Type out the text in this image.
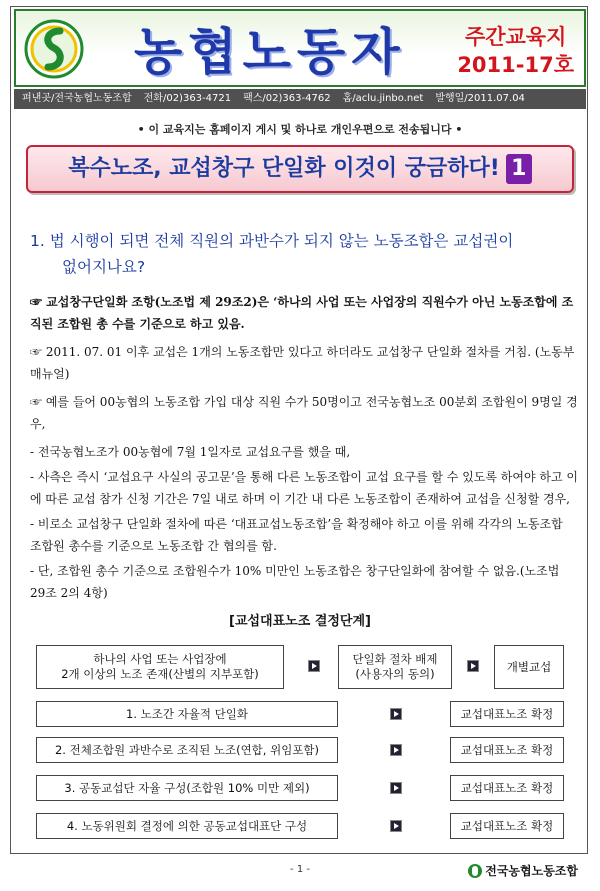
농협노동자	주간교육지
2011-17호
펴낸곳/전국농협노동조합 전화/02)363-4721 팩스/02)363-4762 홈/aclu.jinbo.net 발행일/2011.07.04
• 이 교육지는 홈페이지 게시 및 하나로 개인우편으로 전송됩니다 •
복수노조, 교섭창구 단일화 이것이 궁금하다! 1
1. 법 시행이 되면 전체 직원의 과반수가 되지 않는 노동조합은 교섭권이
없어지나요?

☞ 교섭창구단일화 조항(노조법 제 29조2)은 ‘하나의 사업 또는 사업장의 직원수가 아닌 노동조합에 조직된 조합원 총 수를 기준으로 하고 있음.

☞ 2011. 07. 01 이후 교섭은 1개의 노동조합만 있다고 하더라도 교섭창구 단일화 절차를 거침. (노동부 매뉴얼)

☞ 예를 들어 00농협의 노동조합 가입 대상 직원 수가 50명이고 전국농협노조 00분회 조합원이 9명일 경우,

- 전국농협노조가 00농협에 7월 1일자로 교섭요구를 했을 때,

- 사측은 즉시 ‘교섭요구 사실의 공고문’을 통해 다른 노동조합이 교섭 요구를 할 수 있도록 하여야 하고 이에 따른 교섭 참가 신청 기간은 7일 내로 하며 이 기간 내 다른 노동조합이 존재하여 교섭을 신청할 경우,

- 비로소 교섭창구 단일화 절차에 따른 ‘대표교섭노동조합’을 확정해야 하고 이를 위해 각각의 노동조합 조합원 총수를 기준으로 노동조합 간 협의를 함.

- 단, 조합원 총수 기준으로 조합원수가 10% 미만인 노동조합은 창구단일화에 참여할 수 없음.(노조법 29조 2의 4항)

[교섭대표노조 결정단계]
하나의 사업 또는 사업장에
2개 이상의 노조 존재(산별의 지부포함)
단일화 절차 배제
(사용자의 동의)
개별교섭
1. 노조간 자율적 단일화	교섭대표노조 확정
2. 전체조합원 과반수로 조직된 노조(연합, 위임포함)	교섭대표노조 확정
3. 공동교섭단 자율 구성(조합원 10% 미만 제외)	교섭대표노조 확정
4. 노동위원회 결정에 의한 공동교섭대표단 구성	교섭대표노조 확정
- 1 -	전국농협노동조합
